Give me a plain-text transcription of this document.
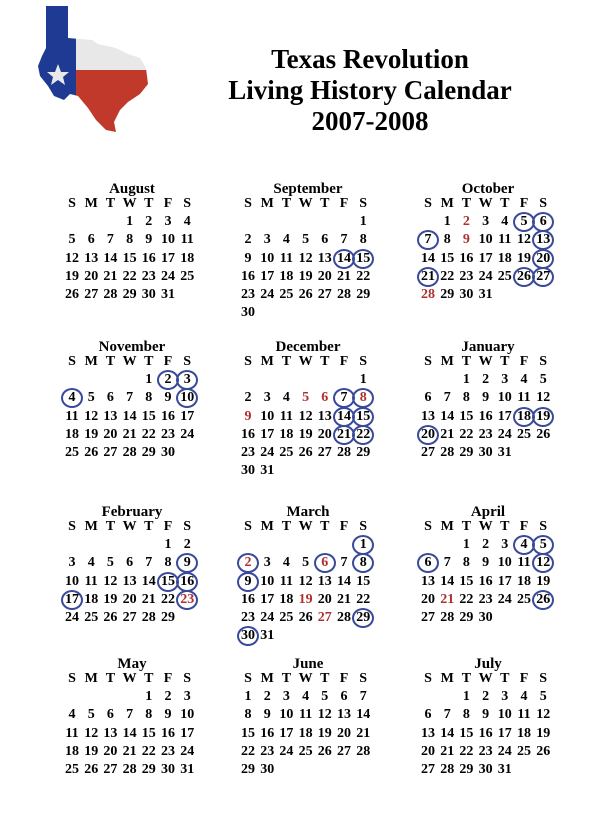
Texas Revolution
Living History Calendar
2007-2008
August
S M T W T F S
1 2 3 4
5 6 7 8 9 10 11
12 13 14 15 16 17 18
19 20 21 22 23 24 25
26 27 28 29 30 31
September
S M T W T F S
1
2 3 4 5 6 7 8
9 10 11 12 13 14 15
16 17 18 19 20 21 22
23 24 25 26 27 28 29
30
October
S M T W T F S
1 2 3 4 5 6
7 8 9 10 11 12 13
14 15 16 17 18 19 20
21 22 23 24 25 26 27
28 29 30 31
November
S M T W T F S
1 2 3
4 5 6 7 8 9 10
11 12 13 14 15 16 17
18 19 20 21 22 23 24
25 26 27 28 29 30
December
S M T W T F S
1
2 3 4 5 6 7 8
9 10 11 12 13 14 15
16 17 18 19 20 21 22
23 24 25 26 27 28 29
30 31
January
S M T W T F S
1 2 3 4 5
6 7 8 9 10 11 12
13 14 15 16 17 18 19
20 21 22 23 24 25 26
27 28 29 30 31
February
S M T W T F S
1 2
3 4 5 6 7 8 9
10 11 12 13 14 15 16
17 18 19 20 21 22 23
24 25 26 27 28 29
March
S M T W T F S
1
2 3 4 5 6 7 8
9 10 11 12 13 14 15
16 17 18 19 20 21 22
23 24 25 26 27 28 29
30 31
April
S M T W T F S
1 2 3 4 5
6 7 8 9 10 11 12
13 14 15 16 17 18 19
20 21 22 23 24 25 26
27 28 29 30
May
S M T W T F S
1 2 3
4 5 6 7 8 9 10
11 12 13 14 15 16 17
18 19 20 21 22 23 24
25 26 27 28 29 30 31
June
S M T W T F S
1 2 3 4 5 6 7
8 9 10 11 12 13 14
15 16 17 18 19 20 21
22 23 24 25 26 27 28
29 30
July
S M T W T F S
1 2 3 4 5
6 7 8 9 10 11 12
13 14 15 16 17 18 19
20 21 22 23 24 25 26
27 28 29 30 31
